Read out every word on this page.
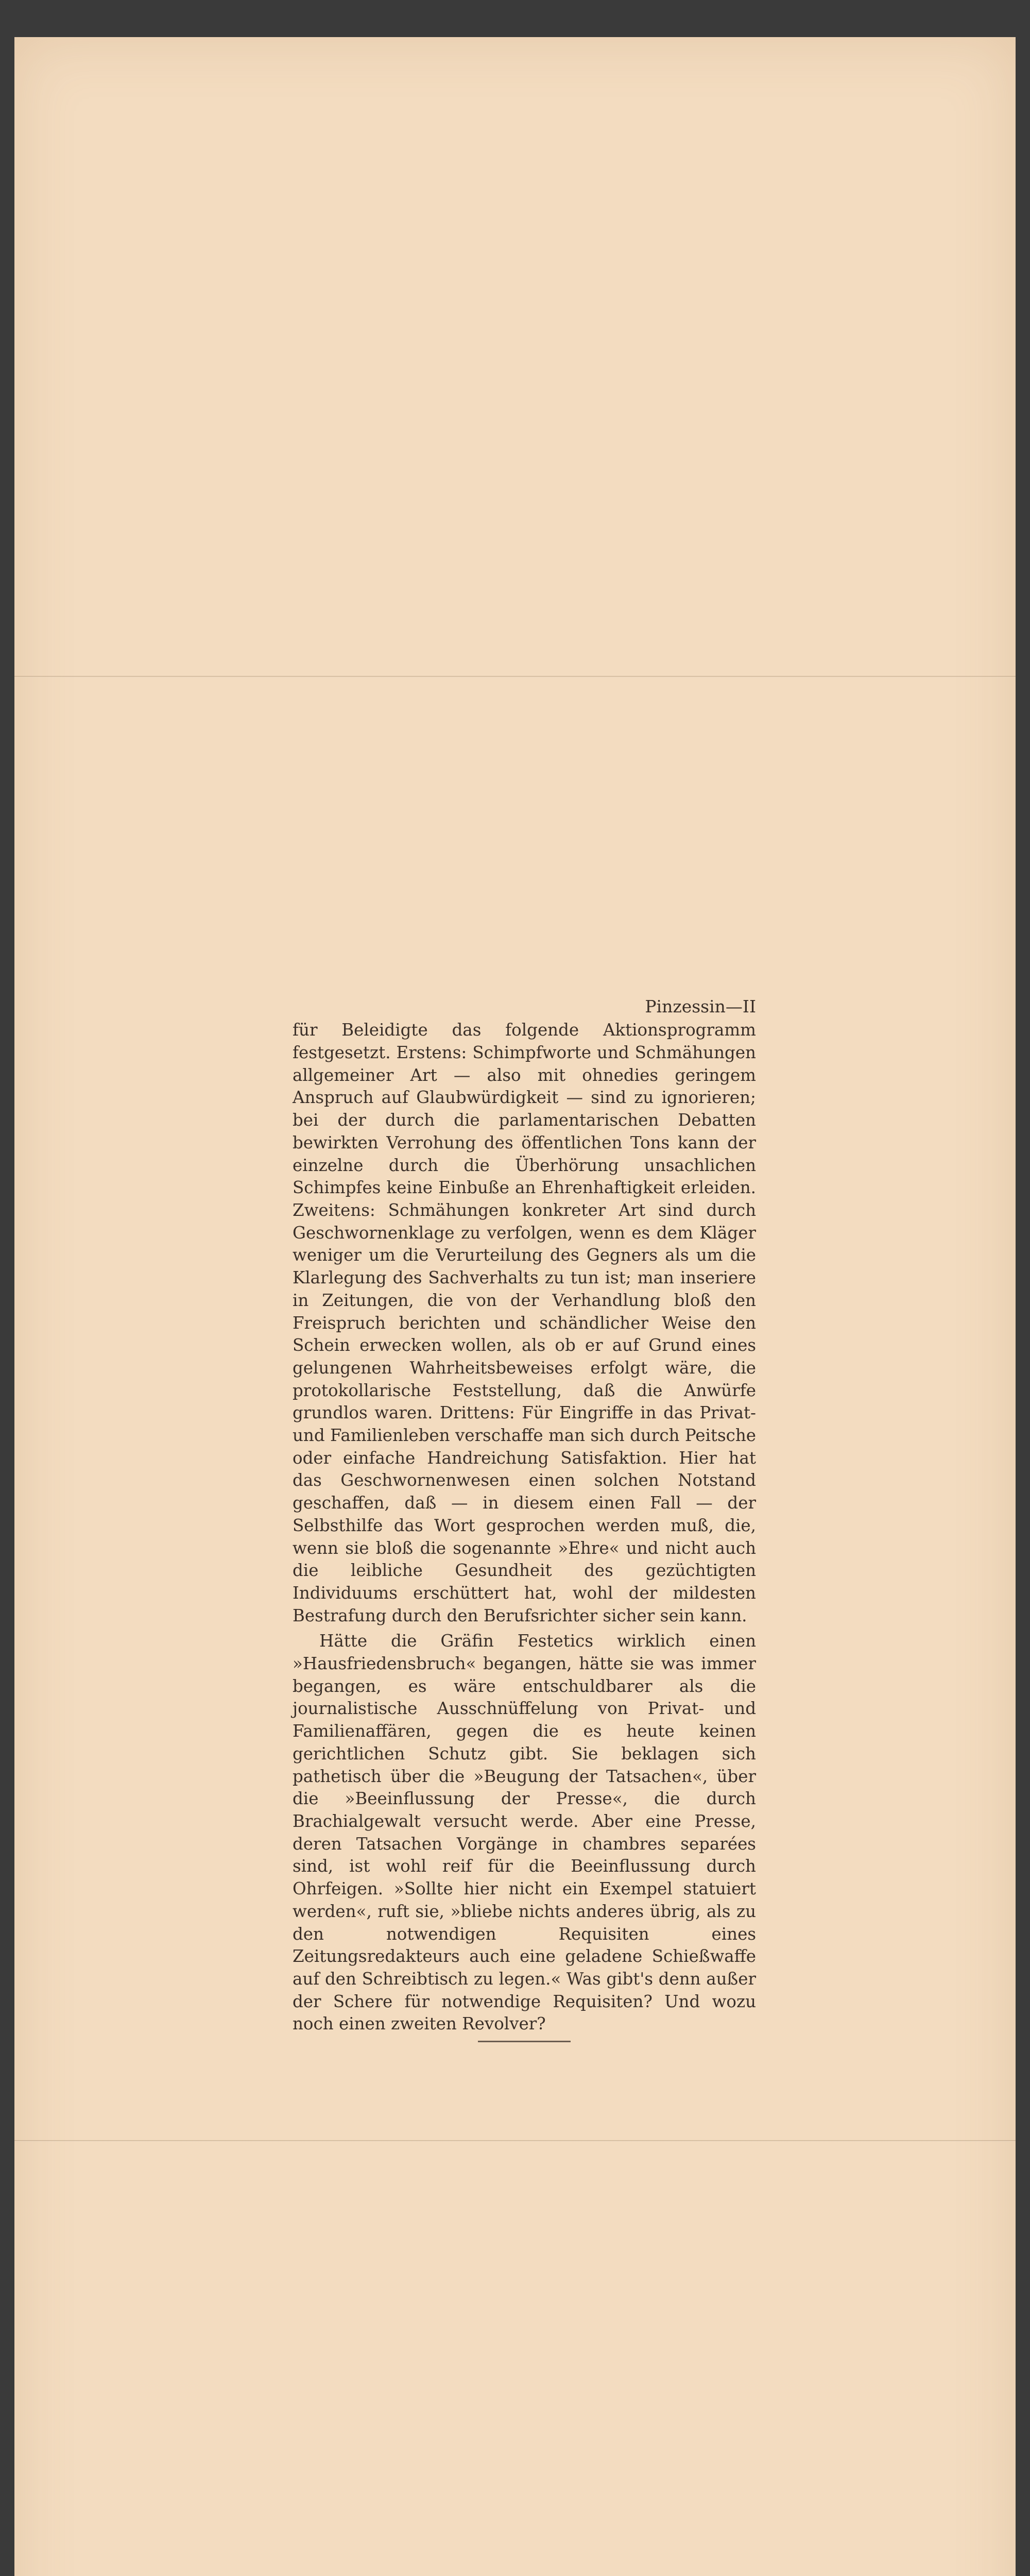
Pinzessin—II

für Beleidigte das folgende Aktionsprogramm festgesetzt. Erstens: Schimpfworte und Schmähungen allgemeiner Art — also mit ohnedies geringem Anspruch auf Glaubwürdigkeit — sind zu ignorieren; bei der durch die parlamentarischen Debatten bewirkten Verrohung des öffentlichen Tons kann der einzelne durch die Überhörung unsachlichen Schimpfes keine Einbuße an Ehrenhaftigkeit erleiden. Zweitens: Schmähungen konkreter Art sind durch Geschwornenklage zu verfolgen, wenn es dem Kläger weniger um die Verurteilung des Gegners als um die Klarlegung des Sachverhalts zu tun ist; man inseriere in Zeitungen, die von der Verhandlung bloß den Freispruch berichten und schändlicher Weise den Schein erwecken wollen, als ob er auf Grund eines gelungenen Wahrheitsbeweises erfolgt wäre, die protokollarische Feststellung, daß die Anwürfe grundlos waren. Drittens: Für Eingriffe in das Privat- und Familienleben verschaffe man sich durch Peitsche oder einfache Handreichung Satisfaktion. Hier hat das Geschwornenwesen einen solchen Notstand geschaffen, daß — in diesem einen Fall — der Selbsthilfe das Wort gesprochen werden muß, die, wenn sie bloß die sogenannte »Ehre« und nicht auch die leibliche Gesundheit des gezüchtigten Individuums erschüttert hat, wohl der mildesten Bestrafung durch den Berufsrichter sicher sein kann.

Hätte die Gräfin Festetics wirklich einen »Hausfriedensbruch« begangen, hätte sie was immer begangen, es wäre entschuldbarer als die journalistische Ausschnüffelung von Privat- und Familienaffären, gegen die es heute keinen gerichtlichen Schutz gibt. Sie beklagen sich pathetisch über die »Beugung der Tatsachen«, über die »Beeinflussung der Presse«, die durch Brachialgewalt versucht werde. Aber eine Presse, deren Tatsachen Vorgänge in chambres separées sind, ist wohl reif für die Beeinflussung durch Ohrfeigen. »Sollte hier nicht ein Exempel statuiert werden«, ruft sie, »bliebe nichts anderes übrig, als zu den notwendigen Requisiten eines Zeitungsredakteurs auch eine geladene Schießwaffe auf den Schreibtisch zu legen.« Was gibt's denn außer der Schere für notwendige Requisiten? Und wozu noch einen zweiten Revolver?
